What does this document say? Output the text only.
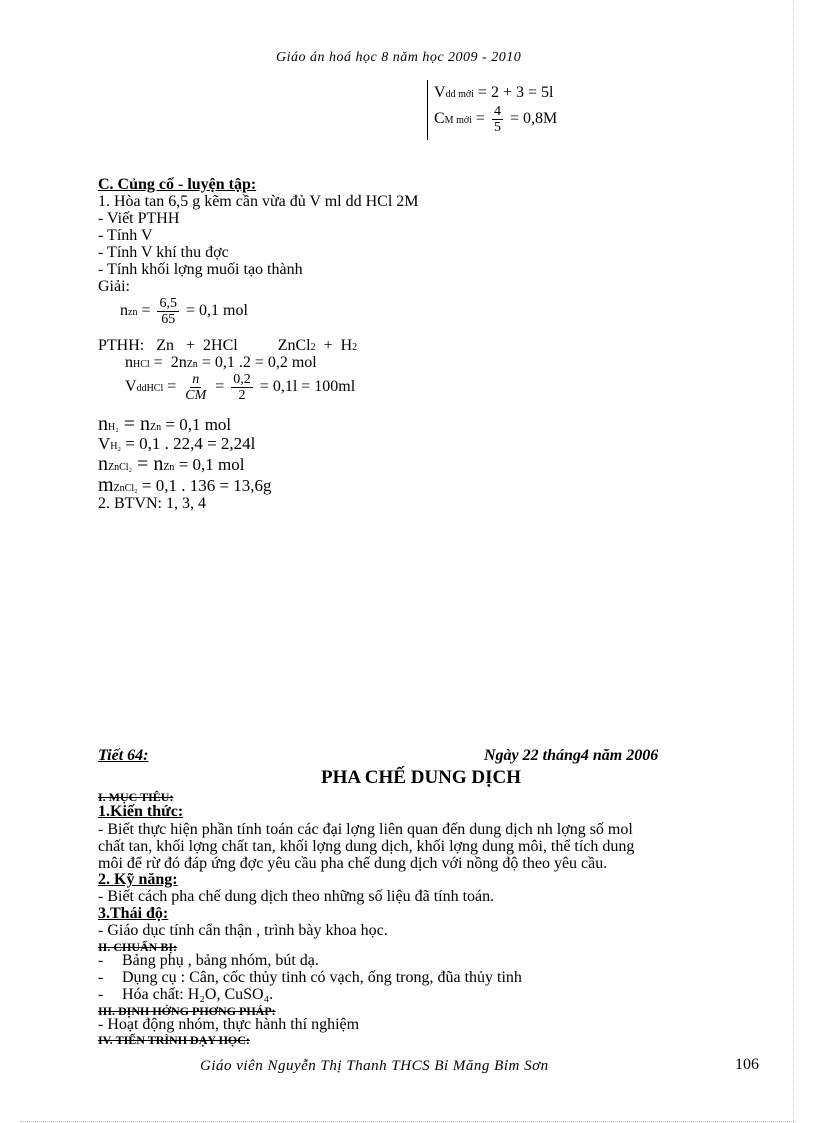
Giáo án hoá học 8 năm học 2009 - 2010
Vdd mới = 2 + 3 = 5l
CM mới = $\frac{4}{5} = 0,8M$
C. Củng cố - luyện tập:
1. Hòa tan 6,5 g kẽm cần vừa đủ V ml dd HCl 2M
- Viết PTHH
- Tính V
- Tính V khí thu đợc
- Tính khối lợng muối tạo thành
Giải:
nzn = $\frac{6,5}{65} = 0,1$ mol
PTHH:   Zn   +  2HCl          ZnCl2  +  H2
nHCl =  2nZn = 0,1 .2 = 0,2 mol
VddHCl = $\frac{n}{CM} = \frac{0,2}{2} = 0,1l = 100ml$
nH₂ = nZn = 0,1 mol
VH₂ = 0,1 . 22,4 = 2,24l
nZnCl₂ = nZn = 0,1 mol
mZnCl₂ = 0,1 . 136 = 13,6g
2. BTVN: 1, 3, 4
Tiết 64:	Ngày 22 tháng4 năm 2006
PHA CHẾ DUNG DỊCH
I. MỤC TIÊU:
1.Kiến thức:
- Biết thực hiện phần tính toán các đại lợng liên quan đến dung dịch nh lợng số mol
chất tan, khối lợng chất tan, khối lợng dung dịch, khối lợng dung môi, thể tích dung
môi để rừ đó đáp ứng đợc yêu cầu pha chế dung dịch với nồng độ theo yêu cầu.
2. Kỹ năng:
- Biết cách pha chế dung dịch theo những số liệu đã tính toán.
3.Thái độ:
- Giáo dục tính cẩn thận , trình bày khoa học.
II. CHUẨN BỊ:
- Bảng phụ , bảng nhóm, bút dạ.
- Dụng cụ : Cân, cốc thủy tinh có vạch, ống trong, đũa thủy tinh
- Hóa chất: H₂O, CuSO₄.
III. ĐỊNH HỚNG PHƠNG PHÁP:
- Hoạt động nhóm, thực hành thí nghiệm
IV. TIẾN TRÌNH DẠY HỌC:
Giáo viên Nguyễn Thị Thanh THCS Bỉ Măng Bỉm Sơn	106
